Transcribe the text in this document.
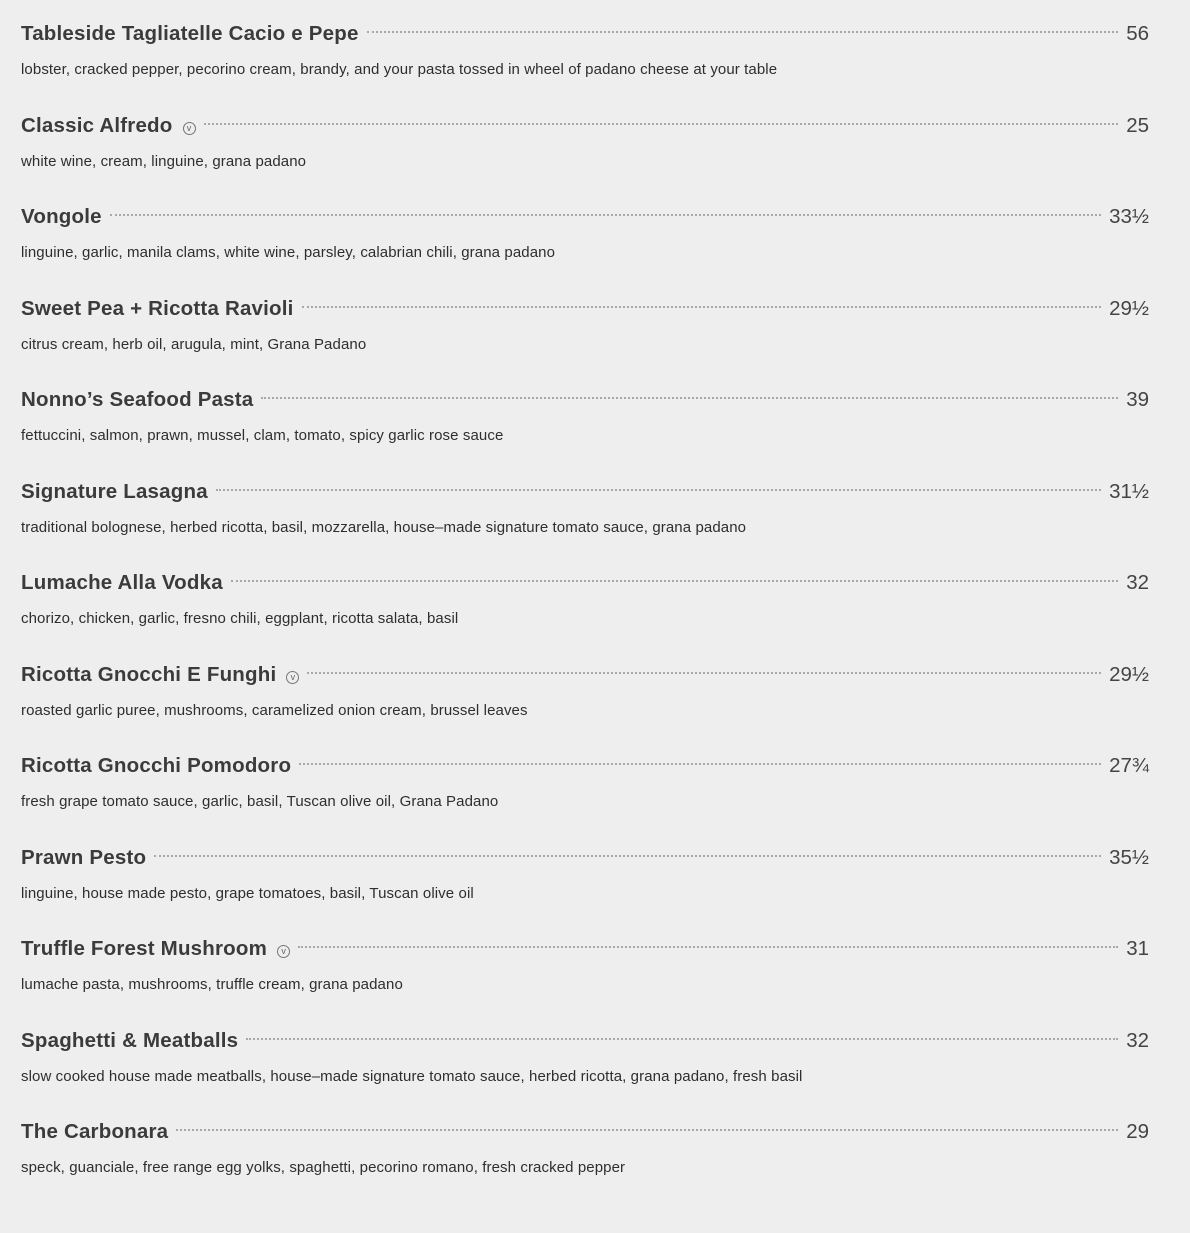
Tableside Tagliatelle Cacio e Pepe	56
lobster, cracked pepper, pecorino cream, brandy, and your pasta tossed in wheel of padano cheese at your table
Classic Alfredo	v	25
white wine, cream, linguine, grana padano
Vongole	33½
linguine, garlic, manila clams, white wine, parsley, calabrian chili, grana padano
Sweet Pea + Ricotta Ravioli	29½
citrus cream, herb oil, arugula, mint, Grana Padano
Nonno’s Seafood Pasta	39
fettuccini, salmon, prawn, mussel, clam, tomato, spicy garlic rose sauce
Signature Lasagna	31½
traditional bolognese, herbed ricotta, basil, mozzarella, house–made signature tomato sauce, grana padano
Lumache Alla Vodka	32
chorizo, chicken, garlic, fresno chili, eggplant, ricotta salata, basil
Ricotta Gnocchi E Funghi	v	29½
roasted garlic puree, mushrooms, caramelized onion cream, brussel leaves
Ricotta Gnocchi Pomodoro	27¾
fresh grape tomato sauce, garlic, basil, Tuscan olive oil, Grana Padano
Prawn Pesto	35½
linguine, house made pesto, grape tomatoes, basil, Tuscan olive oil
Truffle Forest Mushroom	v	31
lumache pasta, mushrooms, truffle cream, grana padano
Spaghetti & Meatballs	32
slow cooked house made meatballs, house–made signature tomato sauce, herbed ricotta, grana padano, fresh basil
The Carbonara	29
speck, guanciale, free range egg yolks, spaghetti, pecorino romano, fresh cracked pepper
